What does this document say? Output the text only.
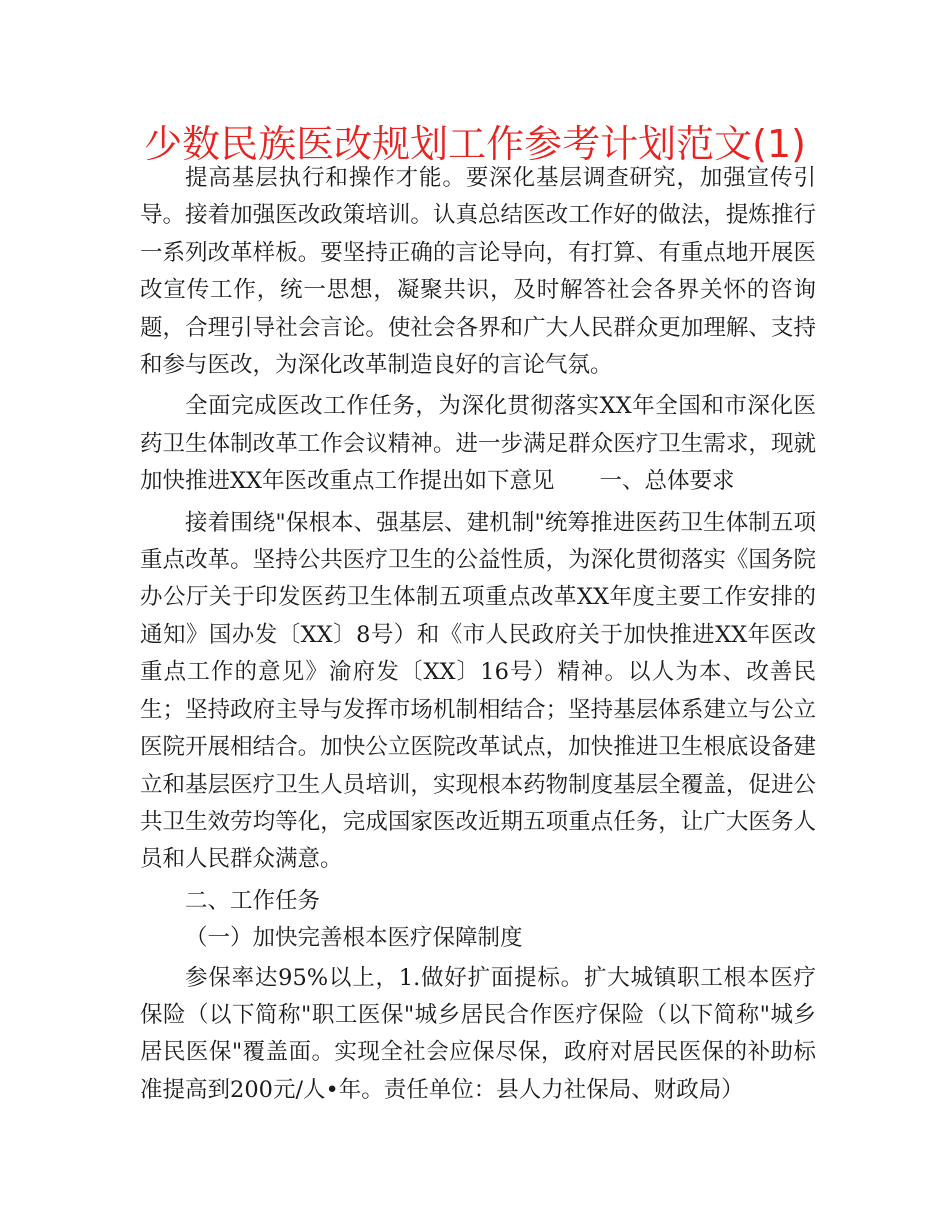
少数民族医改规划工作参考计划范文(1)

提高基层执行和操作才能。要深化基层调查研究，加强宣传引导。接着加强医改政策培训。认真总结医改工作好的做法，提炼推行一系列改革样板。要坚持正确的言论导向，有打算、有重点地开展医改宣传工作，统一思想，凝聚共识，及时解答社会各界关怀的咨询题，合理引导社会言论。使社会各界和广大人民群众更加理解、支持和参与医改，为深化改革制造良好的言论气氛。

全面完成医改工作任务，为深化贯彻落实XX年全国和市深化医药卫生体制改革工作会议精神。进一步满足群众医疗卫生需求，现就加快推进XX年医改重点工作提出如下意见　　一、总体要求

接着围绕"保根本、强基层、建机制"统筹推进医药卫生体制五项重点改革。坚持公共医疗卫生的公益性质，为深化贯彻落实《国务院办公厅关于印发医药卫生体制五项重点改革XX年度主要工作安排的通知》国办发〔XX〕8号）和《市人民政府关于加快推进XX年医改重点工作的意见》渝府发〔XX〕16号）精神。以人为本、改善民生；坚持政府主导与发挥市场机制相结合；坚持基层体系建立与公立医院开展相结合。加快公立医院改革试点，加快推进卫生根底设备建立和基层医疗卫生人员培训，实现根本药物制度基层全覆盖，促进公共卫生效劳均等化，完成国家医改近期五项重点任务，让广大医务人员和人民群众满意。

二、工作任务

（一）加快完善根本医疗保障制度

参保率达95%以上，1.做好扩面提标。扩大城镇职工根本医疗保险（以下简称"职工医保"城乡居民合作医疗保险（以下简称"城乡居民医保"覆盖面。实现全社会应保尽保，政府对居民医保的补助标准提高到200元/人•年。责任单位：县人力社保局、财政局）
